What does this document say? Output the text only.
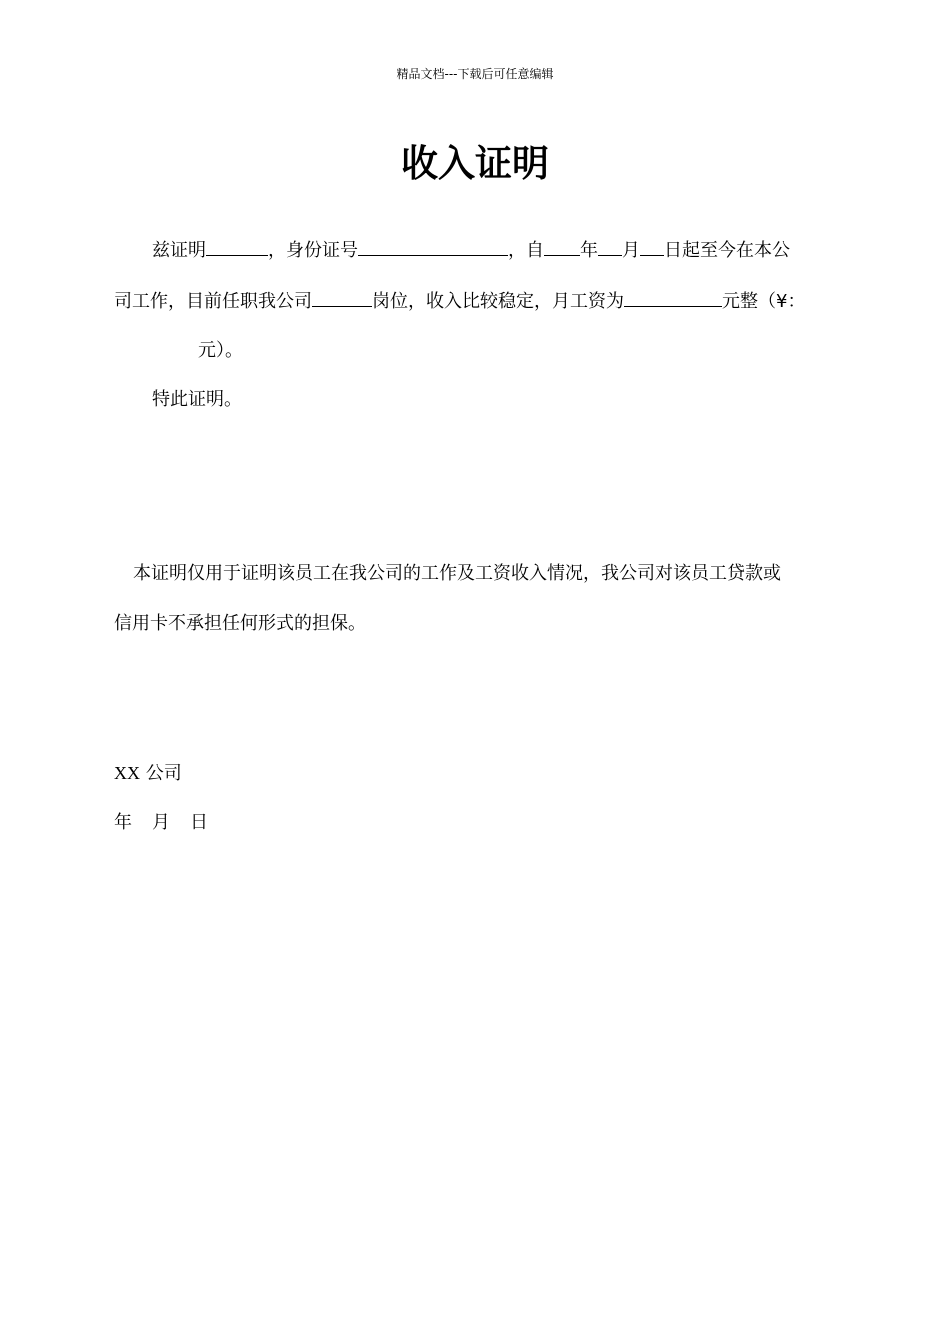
精品文档---下载后可任意编辑
收入证明
兹证明	，身份证号	，自 年 月 日起至今在本公
司工作，目前任职我公司	岗位，收入比较稳定，月工资为	元整（¥：
元）。
特此证明。
本证明仅用于证明该员工在我公司的工作及工资收入情况，我公司对该员工贷款或
信用卡不承担任何形式的担保。
XX 公司
年 月 日
